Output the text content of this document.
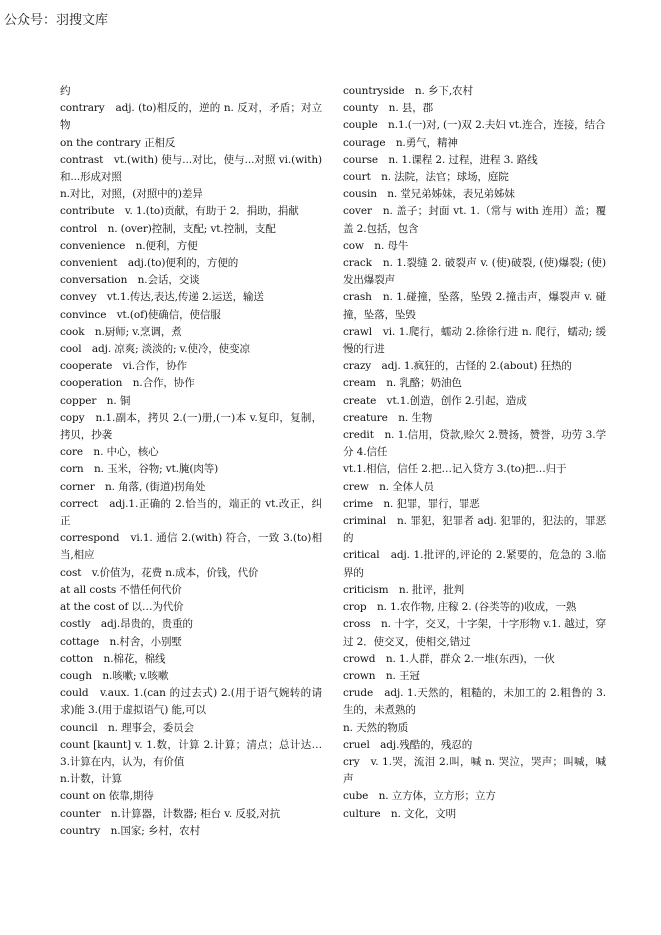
公众号：羽搜文库

约

contrary　adj. (to)相反的，逆的 n. 反对，矛盾；对立物

on the contrary 正相反

contrast　vt.(with) 使与...对比，使与...对照 vi.(with) 和...形成对照

n.对比，对照，(对照中的)差异

contribute　v. 1.(to)贡献，有助于 2．捐助，捐献

control　n. (over)控制，支配; vt.控制，支配

convenience　n.便利，方便

convenient　adj.(to)便利的，方便的

conversation　n.会话，交谈

convey　vt.1.传达,表达,传递 2.运送，输送

convince　vt.(of)使确信，使信服

cook　n.厨师; v.烹调，煮

cool　adj. 凉爽; 淡淡的; v.使冷，使变凉

cooperate　vi.合作，协作

cooperation　n.合作，协作

copper　n. 铜

copy　n.1.副本，拷贝 2.(一)册,(一)本 v.复印，复制，拷贝，抄袭

core　n. 中心，核心

corn　n. 玉米，谷物; vt.腌(肉等)

corner　n. 角落, (街道)拐角处

correct　adj.1.正确的 2.恰当的，端正的 vt.改正，纠正

correspond　vi.1. 通信 2.(with) 符合，一致 3.(to)相当,相应

cost　v.价值为，花费 n.成本，价钱，代价

at all costs 不惜任何代价

at the cost of 以…为代价

costly　adj.昂贵的，贵重的

cottage　n.村舍，小别墅

cotton　n.棉花，棉线

cough　n.咳嗽; v.咳嗽

could　v.aux. 1.(can 的过去式) 2.(用于语气婉转的请求)能 3.(用于虚拟语气) 能,可以

council　n. 理事会，委员会

count [kaunt] v. 1.数，计算 2.计算；清点；总计达…3.计算在内，认为，有价值

n.计数，计算

count on 依靠,期待

counter　n.计算器，计数器; 柜台 v. 反驳,对抗

country　n.国家; 乡村，农村

countryside　n. 乡下,农村

county　n. 县，郡

couple　n.1.(一)对, (一)双 2.夫妇 vt.连合，连接，结合

courage　n.勇气，精神

course　n. 1.课程 2. 过程，进程 3. 路线

court　n. 法院，法官；球场，庭院

cousin　n. 堂兄弟姊妹，表兄弟姊妹

cover　n. 盖子；封面 vt. 1.（常与 with 连用）盖；覆盖 2.包括，包含

cow　n. 母牛

crack　n. 1.裂缝 2. 破裂声 v. (使)破裂, (使)爆裂; (使)发出爆裂声

crash　n. 1.碰撞，坠落，坠毁 2.撞击声，爆裂声 v. 碰撞，坠落，坠毁

crawl　vi. 1.爬行，蠕动 2.徐徐行进 n. 爬行，蠕动; 缓慢的行进

crazy　adj. 1.疯狂的，古怪的 2.(about) 狂热的

cream　n. 乳酪；奶油色

create　vt.1.创造，创作 2.引起，造成

creature　n. 生物

credit　n. 1.信用，贷款,赊欠 2.赞扬，赞誉，功劳 3.学分 4.信任

vt.1.相信，信任 2.把…记入贷方 3.(to)把…归于

crew　n. 全体人员

crime　n. 犯罪，罪行，罪恶

criminal　n. 罪犯，犯罪者 adj. 犯罪的，犯法的，罪恶的

critical　adj. 1.批评的,评论的 2.紧要的，危急的 3.临界的

criticism　n. 批评，批判

crop　n. 1.农作物, 庄稼 2. (谷类等的)收成，一熟

cross　n. 十字，交叉，十字架，十字形物 v.1. 越过，穿过 2．使交叉，使相交,错过

crowd　n. 1.人群，群众 2.一堆(东西)，一伙

crown　n. 王冠

crude　adj. 1.天然的，粗糙的，未加工的 2.粗鲁的 3.生的，未煮熟的

n. 天然的物质

cruel　adj.残酷的，残忍的

cry　v. 1.哭，流泪 2.叫，喊 n. 哭泣，哭声；叫喊，喊声

cube　n. 立方体，立方形；立方

culture　n. 文化，文明
